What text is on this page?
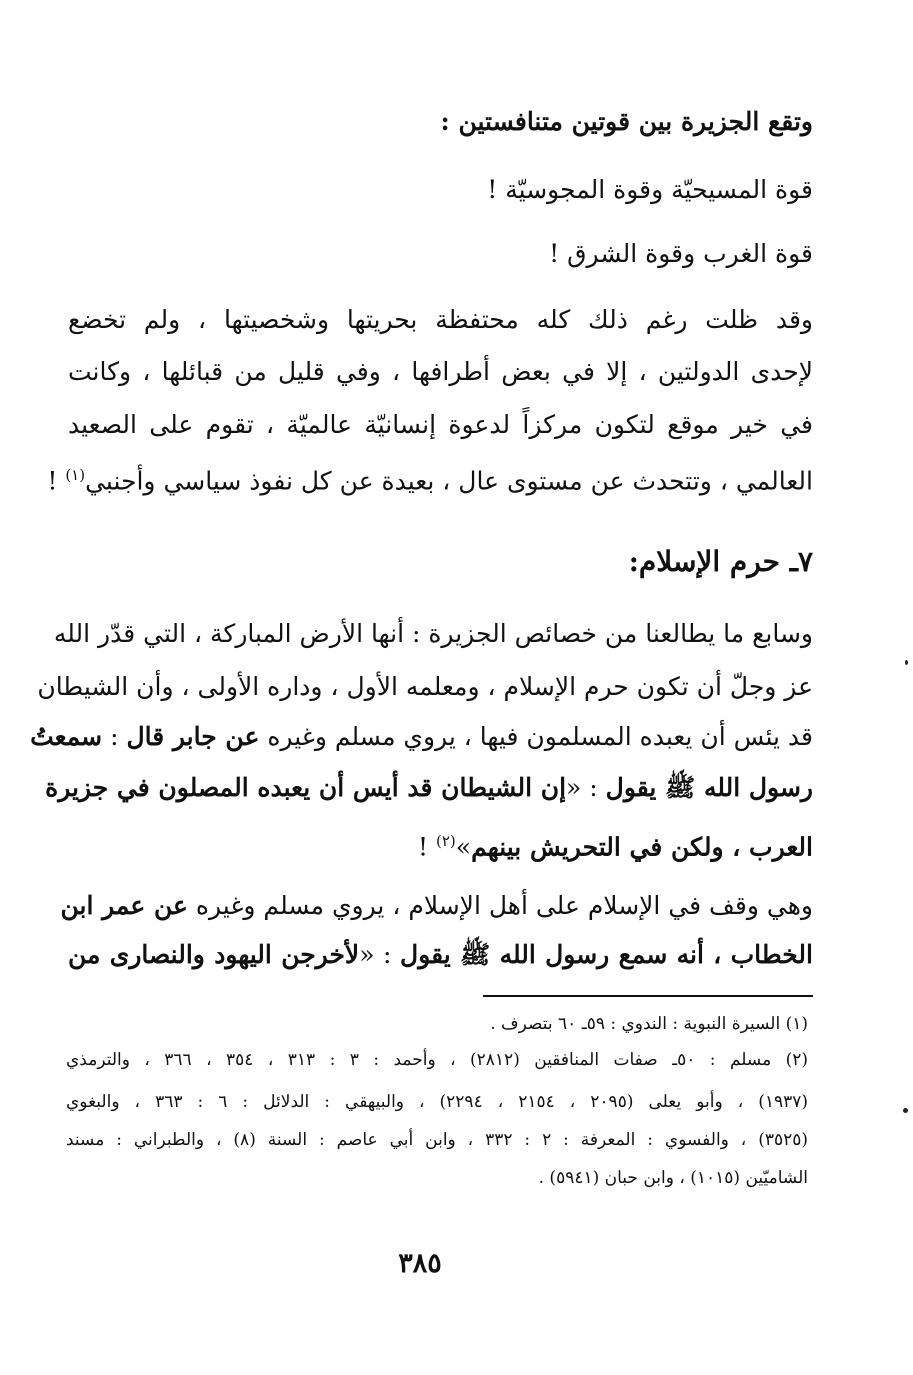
وتقع الجزيرة بين قوتين متنافستين :
قوة المسيحيّة وقوة المجوسيّة !
قوة الغرب وقوة الشرق !
وقد ظلت رغم ذلك كله محتفظة بحريتها وشخصيتها ، ولم تخضع
لإحدى الدولتين ، إلا في بعض أطرافها ، وفي قليل من قبائلها ، وكانت
في خير موقع لتكون مركزاً لدعوة إنسانيّة عالميّة ، تقوم على الصعيد
العالمي ، وتتحدث عن مستوى عال ، بعيدة عن كل نفوذ سياسي وأجنبي$^{(١)}$ !
٧ـ حرم الإسلام:
وسابع ما يطالعنا من خصائص الجزيرة : أنها الأرض المباركة ، التي قدّر الله
عز وجلّ أن تكون حرم الإسلام ، ومعلمه الأول ، وداره الأولى ، وأن الشيطان
قد يئس أن يعبده المسلمون فيها ، يروي مسلم وغيره عن جابر قال : سمعتُ
رسول الله ﷺ يقول : «إن الشيطان قد أيس أن يعبده المصلون في جزيرة
العرب ، ولكن في التحريش بينهم»$^{(٢)}$ !
وهي وقف في الإسلام على أهل الإسلام ، يروي مسلم وغيره عن عمر ابن
الخطاب ، أنه سمع رسول الله ﷺ يقول : «لأخرجن اليهود والنصارى من
(١) السيرة النبوية : الندوي : ٥٩ـ ٦٠ بتصرف .
(٢) مسلم : ٥٠ـ صفات المنافقين (٢٨١٢) ، وأحمد : ٣ : ٣١٣ ، ٣٥٤ ، ٣٦٦ ، والترمذي
(١٩٣٧) ، وأبو يعلى (٢٠٩٥ ، ٢١٥٤ ، ٢٢٩٤) ، والبيهقي : الدلائل : ٦ : ٣٦٣ ، والبغوي
(٣٥٢٥) ، والفسوي : المعرفة : ٢ : ٣٣٢ ، وابن أبي عاصم : السنة (٨) ، والطبراني : مسند
الشاميّين (١٠١٥) ، وابن حبان (٥٩٤١) .
٣٨٥
